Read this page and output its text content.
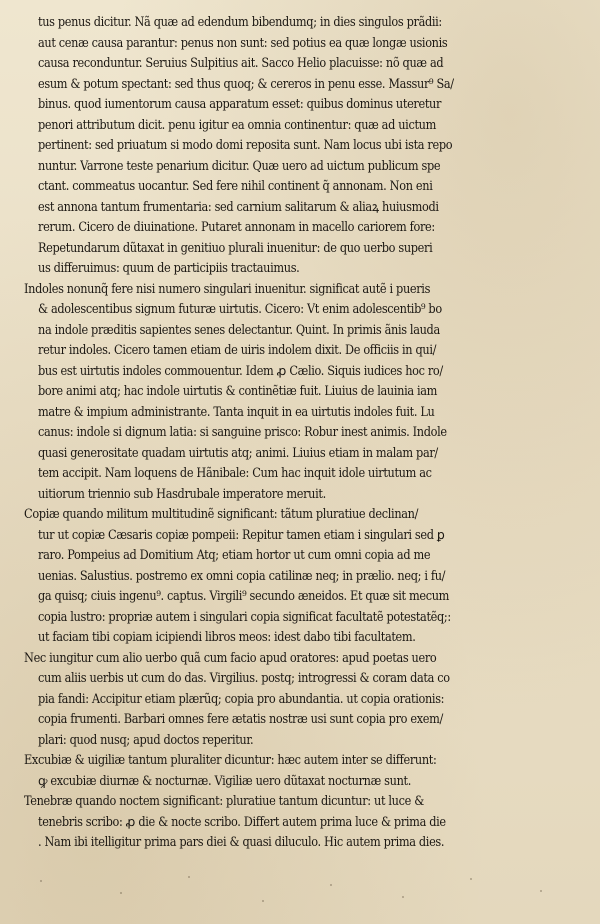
tus penus dicitur. Nã quæ ad edendum bibendumq; in dies singulos prãdii:
aut cenæ causa parantur: penus non sunt: sed potius ea quæ longæ usionis
causa reconduntur. Seruius Sulpitius ait. Sacco Helio placuisse: nõ quæ ad
esum & potum spectant: sed thus quoq; & cereros in penu esse. Massur⁹ Sa/
binus. quod iumentorum causa apparatum esset: quibus dominus uteretur
penori attributum dicit. penu igitur ea omnia continentur: quæ ad uictum
pertinent: sed priuatum si modo domi reposita sunt. Nam locus ubi ista repo
nuntur. Varrone teste penarium dicitur. Quæ uero ad uictum publicum spe
ctant. commeatus uocantur. Sed fere nihil continent q̃ annonam. Non eni
est annona tantum frumentaria: sed carnium salitarum & aliaꝝ huiusmodi
rerum. Cicero de diuinatione. Putaret annonam in macello cariorem fore:
Repetundarum dũtaxat in genitiuo plurali inuenitur: de quo uerbo superi
us differuimus: quum de participiis tractauimus.
Indoles nonunq̃ fere nisi numero singulari inuenitur. significat autẽ i pueris
& adolescentibus signum futuræ uirtutis. Cicero: Vt enim adolescentib⁹ bo
na indole præditis sapientes senes delectantur. Quint. In primis ãnis lauda
retur indoles. Cicero tamen etiam de uiris indolem dixit. De officiis in qui/
bus est uirtutis indoles commouentur. Idem ꝓ Cælio. Siquis iudices hoc ro/
bore animi atq; hac indole uirtutis & continẽtiæ fuit. Liuius de lauinia iam
matre & impium administrante. Tanta inquit in ea uirtutis indoles fuit. Lu
canus: indole si dignum latia: si sanguine prisco: Robur inest animis. Indole
quasi generositate quadam uirtutis atq; animi. Liuius etiam in malam par/
tem accipit. Nam loquens de Hãnibale: Cum hac inquit idole uirtutum ac
uitiorum triennio sub Hasdrubale imperatore meruit.
Copiæ quando militum multitudinẽ significant: tãtum pluratiue declinan/
tur ut copiæ Cæsaris copiæ pompeii: Repitur tamen etiam i singulari sed ꝑ
raro. Pompeius ad Domitium Atq; etiam hortor ut cum omni copia ad me
uenias. Salustius. postremo ex omni copia catilinæ neq; in prælio. neq; i fu/
ga quisq; ciuis ingenu⁹. captus. Virgili⁹ secundo æneidos. Et quæ sit mecum
copia lustro: propriæ autem i singulari copia significat facultatẽ potestatẽq;:
ut faciam tibi copiam icipiendi libros meos: idest dabo tibi facultatem.
Nec iungitur cum alio uerbo quã cum facio apud oratores: apud poetas uero
cum aliis uerbis ut cum do das. Virgilius. postq; introgressi & coram data co
pia fandi: Accipitur etiam plærũq; copia pro abundantia. ut copia orationis:
copia frumenti. Barbari omnes fere ætatis nostræ usi sunt copia pro exem/
plari: quod nusq; apud doctos reperitur.
Excubiæ & uigiliæ tantum pluraliter dicuntur: hæc autem inter se differunt:
ꝙ excubiæ diurnæ & nocturnæ. Vigiliæ uero dũtaxat nocturnæ sunt.
Tenebræ quando noctem significant: pluratiue tantum dicuntur: ut luce &
tenebris scribo: ꝓ die & nocte scribo. Differt autem prima luce & prima die
. Nam ibi itelligitur prima pars diei & quasi diluculo. Hic autem prima dies.
